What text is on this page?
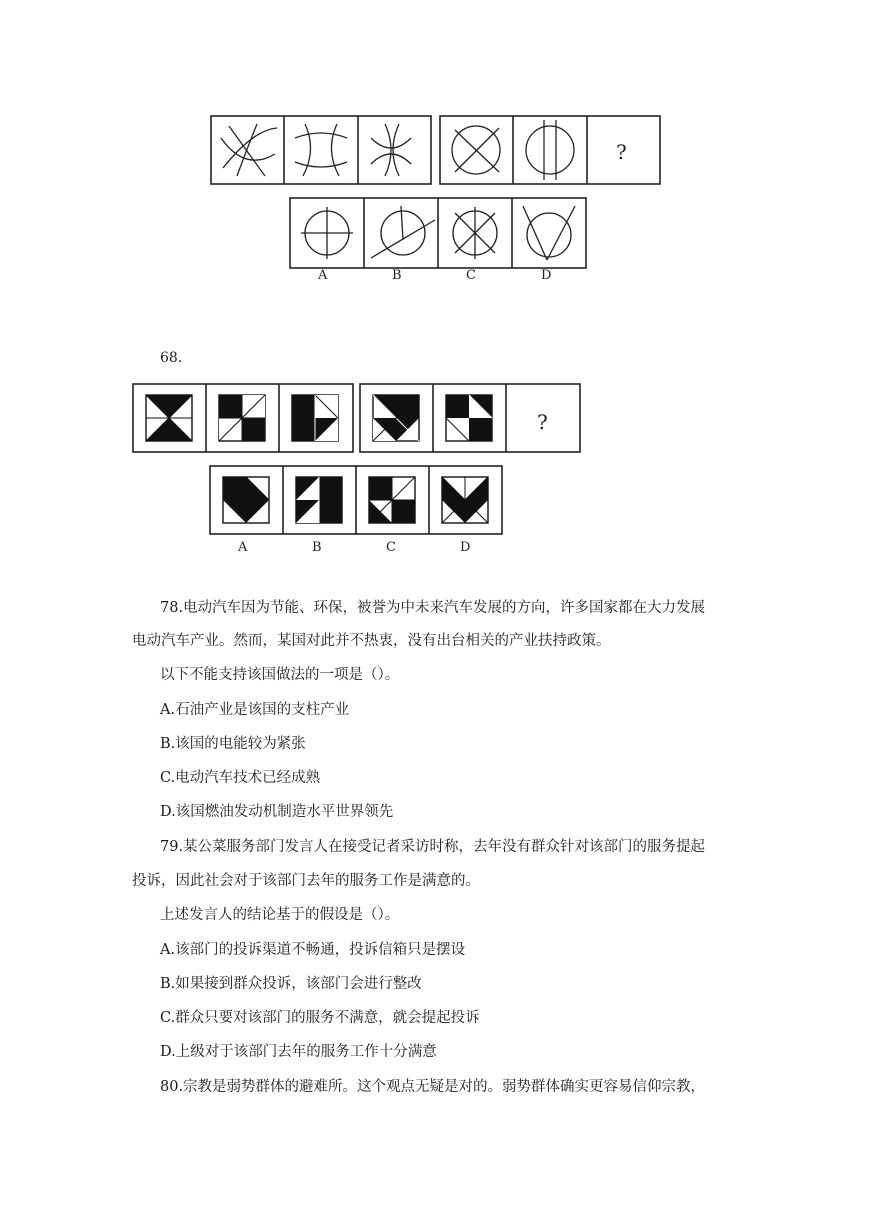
?
A	B	C	D
68.
?
A	B	C	D
78.电动汽车因为节能、环保，被誉为中未来汽车发展的方向，许多国家都在大力发展
电动汽车产业。然而，某国对此并不热衷，没有出台相关的产业扶持政策。
以下不能支持该国做法的一项是（）。
A.石油产业是该国的支柱产业
B.该国的电能较为紧张
C.电动汽车技术已经成熟
D.该国燃油发动机制造水平世界领先
79.某公菜服务部门发言人在接受记者采访时称，去年没有群众针对该部门的服务提起
投诉，因此社会对于该部门去年的服务工作是满意的。
上述发言人的结论基于的假设是（）。
A.该部门的投诉渠道不畅通，投诉信箱只是摆设
B.如果接到群众投诉，该部门会进行整改
C.群众只要对该部门的服务不满意，就会提起投诉
D.上级对于该部门去年的服务工作十分满意
80.宗教是弱势群体的避难所。这个观点无疑是对的。弱势群体确实更容易信仰宗教，
